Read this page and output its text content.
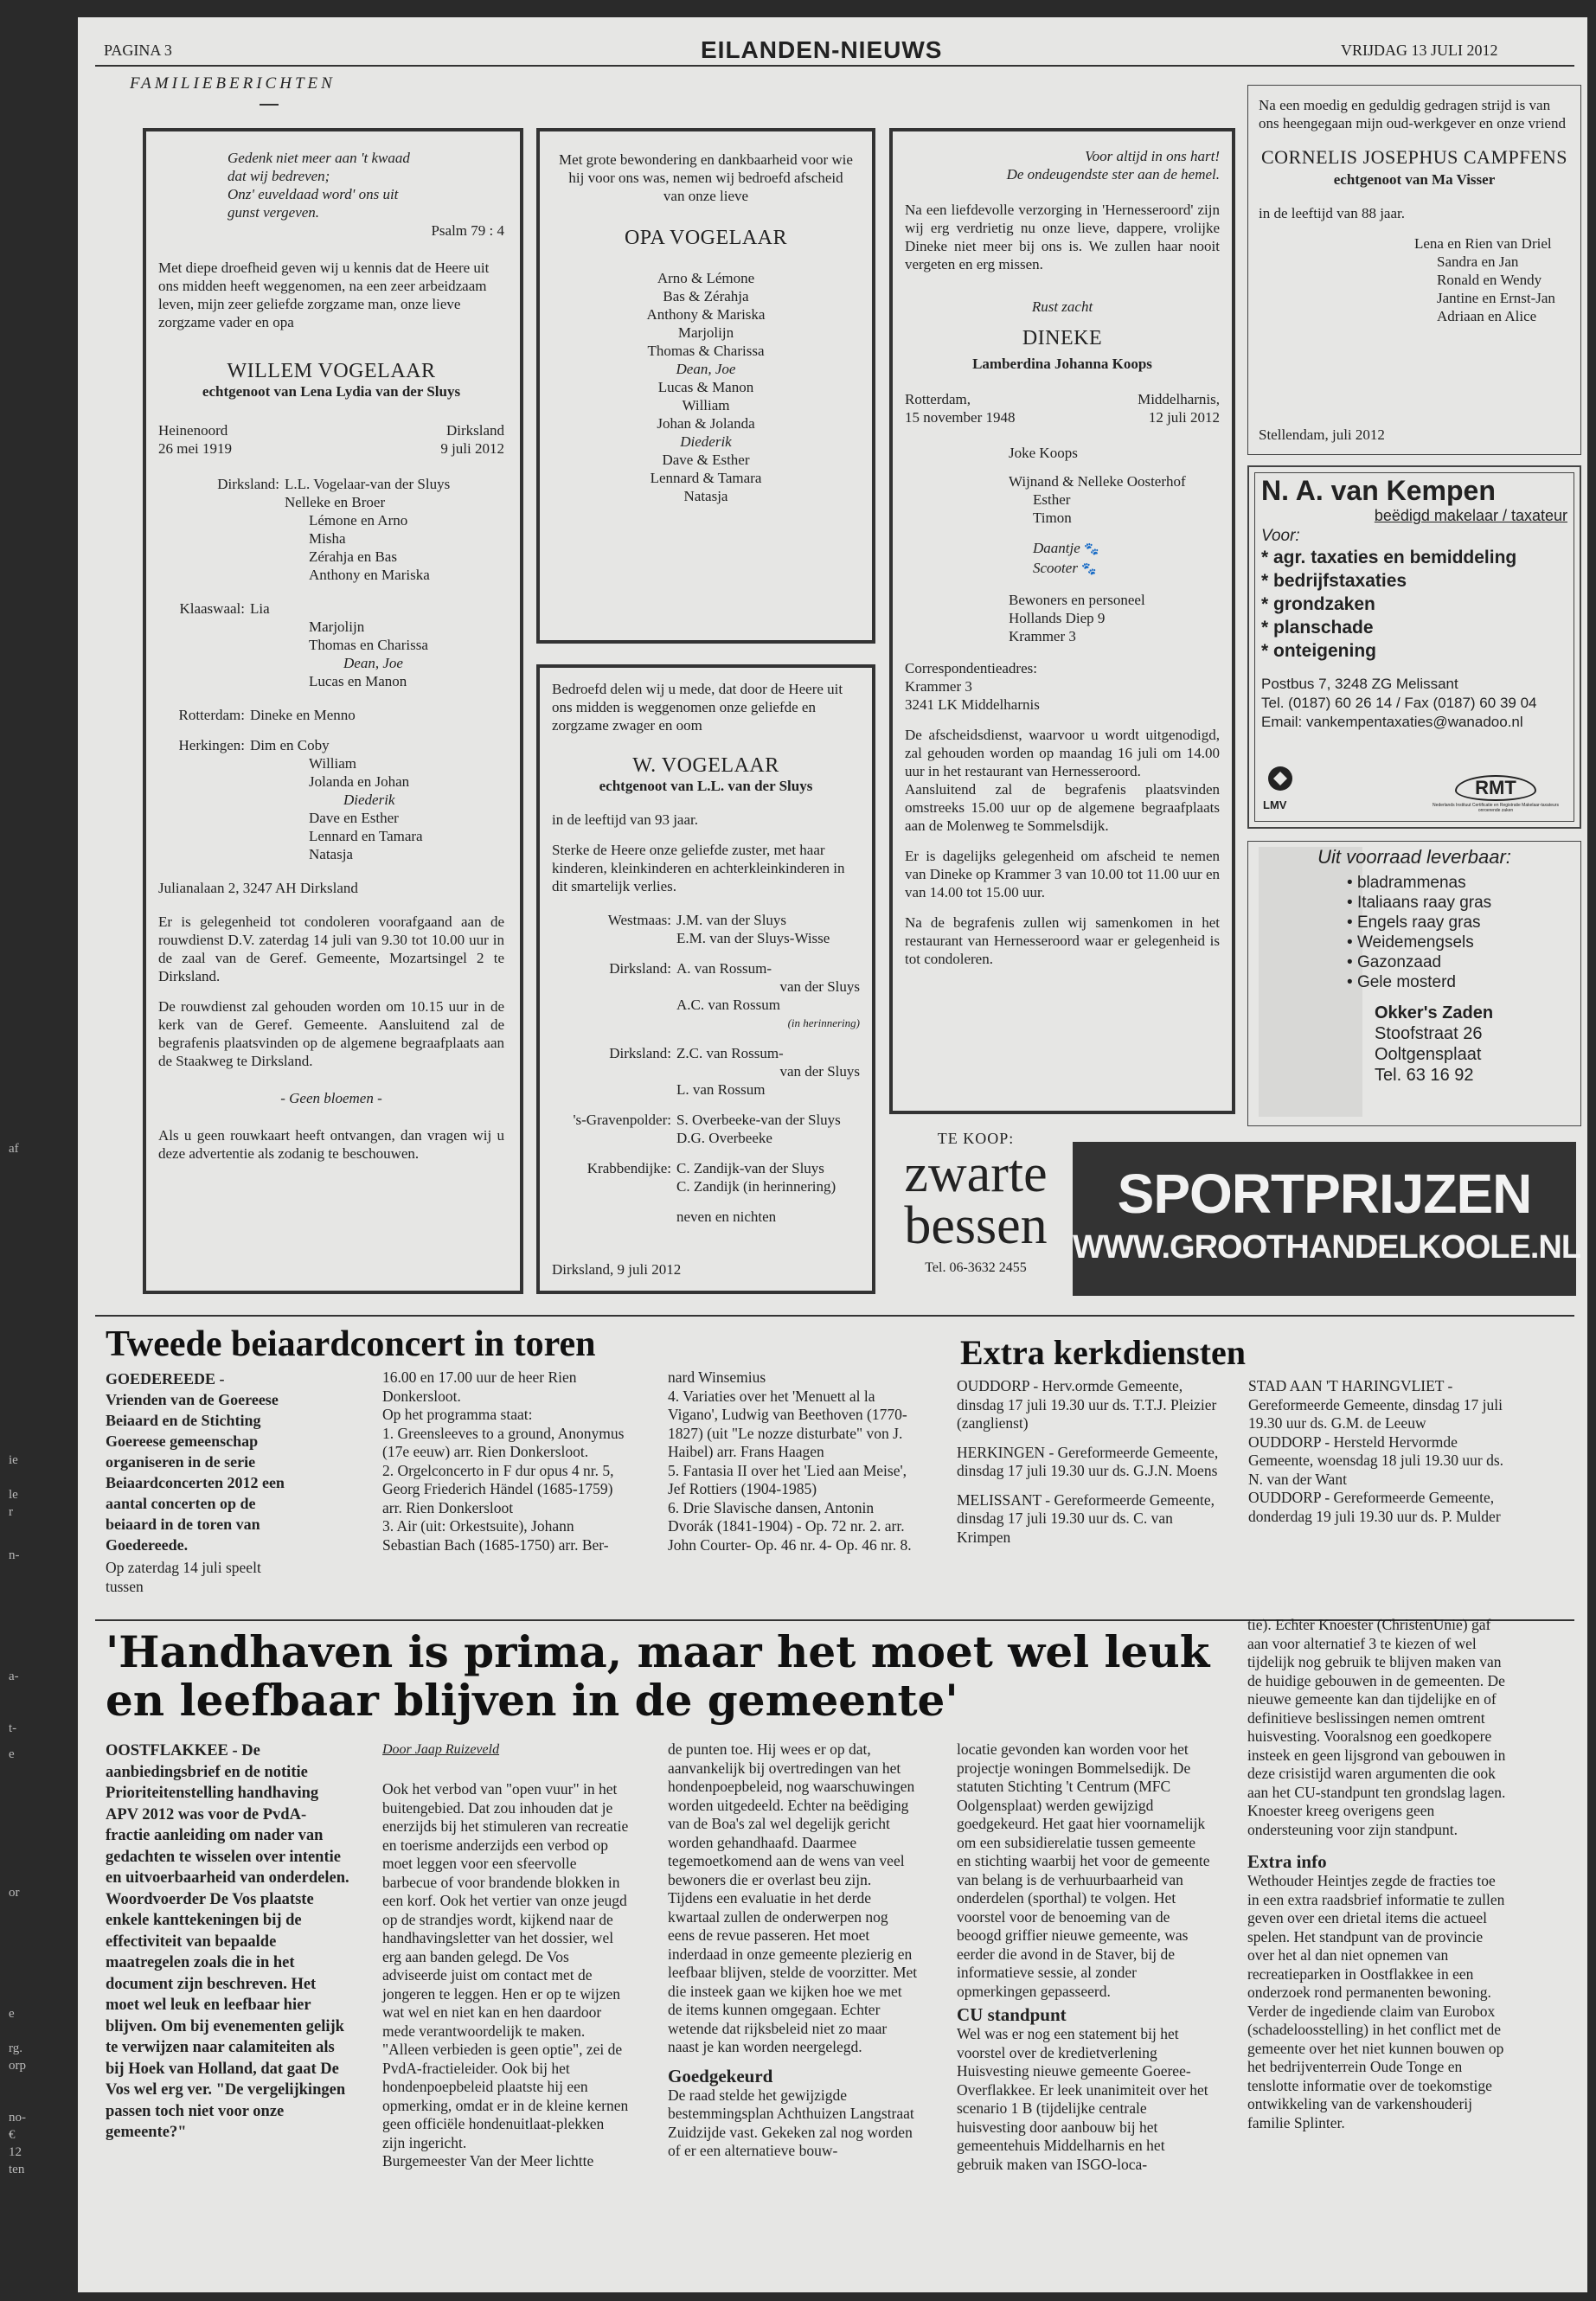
PAGINA 3	EILANDEN-NIEUWS	VRIJDAG 13 JULI 2012
FAMILIEBERICHTEN
Gedenk niet meer aan 't kwaad
dat wij bedreven;
Onz' euveldaad word' ons uit
gunst vergeven.
Psalm 79 : 4
Met diepe droefheid geven wij u kennis dat de Heere uit ons midden heeft weggenomen, na een zeer arbeidzaam leven, mijn zeer geliefde zorgzame man, onze lieve zorgzame vader en opa
WILLEM VOGELAAR
echtgenoot van Lena Lydia van der Sluys
Heinenoord	Dirksland
26 mei 1919	9 juli 2012
Dirksland: L.L. Vogelaar-van der Sluys
Nelleke en Broer
Lémone en Arno
Misha
Zérahja en Bas
Anthony en Mariska
Klaaswaal: Lia
Marjolijn
Thomas en Charissa
Dean, Joe
Lucas en Manon
Rotterdam: Dineke en Menno
Herkingen: Dim en Coby
William
Jolanda en Johan
Diederik
Dave en Esther
Lennard en Tamara
Natasja
Julianalaan 2, 3247 AH Dirksland
Er is gelegenheid tot condoleren voorafgaand aan de rouwdienst D.V. zaterdag 14 juli van 9.30 tot 10.00 uur in de zaal van de Geref. Gemeente, Mozartsingel 2 te Dirksland.
De rouwdienst zal gehouden worden om 10.15 uur in de kerk van de Geref. Gemeente. Aansluitend zal de begrafenis plaatsvinden op de algemene begraafplaats aan de Staakweg te Dirksland.
- Geen bloemen -
Als u geen rouwkaart heeft ontvangen, dan vragen wij u deze advertentie als zodanig te beschouwen.
Met grote bewondering en dankbaarheid voor wie hij voor ons was, nemen wij bedroefd afscheid van onze lieve
OPA VOGELAAR
Arno & Lémone
Bas & Zérahja
Anthony & Mariska
Marjolijn
Thomas & Charissa
Dean, Joe
Lucas & Manon
William
Johan & Jolanda
Diederik
Dave & Esther
Lennard & Tamara
Natasja
Bedroefd delen wij u mede, dat door de Heere uit ons midden is weggenomen onze geliefde en zorgzame zwager en oom
W. VOGELAAR
echtgenoot van L.L. van der Sluys
in de leeftijd van 93 jaar.
Sterke de Heere onze geliefde zuster, met haar kinderen, kleinkinderen en achterkleinkinderen in dit smartelijk verlies.
Westmaas: J.M. van der Sluys
E.M. van der Sluys-Wisse
Dirksland: A. van Rossum-
van der Sluys
A.C. van Rossum
(in herinnering)
Dirksland: Z.C. van Rossum-
van der Sluys
L. van Rossum
's-Gravenpolder: S. Overbeeke-van der Sluys
D.G. Overbeeke
Krabbendijke: C. Zandijk-van der Sluys
C. Zandijk (in herinnering)
neven en nichten
Dirksland, 9 juli 2012
Voor altijd in ons hart!
De ondeugendste ster aan de hemel.
Na een liefdevolle verzorging in 'Hernesseroord' zijn wij erg verdrietig nu onze lieve, dappere, vrolijke Dineke niet meer bij ons is. We zullen haar nooit vergeten en erg missen.
Rust zacht
DINEKE
Lamberdina Johanna Koops
Rotterdam,	Middelharnis,
15 november 1948	12 juli 2012
Joke Koops
Wijnand & Nelleke Oosterhof
Esther
Timon
Daantje 🐾
Scooter 🐾
Bewoners en personeel
Hollands Diep 9
Krammer 3
Correspondentieadres:
Krammer 3
3241 LK Middelharnis
De afscheidsdienst, waarvoor u wordt uitgenodigd, zal gehouden worden op maandag 16 juli om 14.00 uur in het restaurant van Hernesseroord.
Aansluitend zal de begrafenis plaatsvinden omstreeks 15.00 uur op de algemene begraafplaats aan de Molenweg te Sommelsdijk.
Er is dagelijks gelegenheid om afscheid te nemen van Dineke op Krammer 3 van 10.00 tot 11.00 uur en van 14.00 tot 15.00 uur.
Na de begrafenis zullen wij samenkomen in het restaurant van Hernesseroord waar er gelegenheid is tot condoleren.
Na een moedig en geduldig gedragen strijd is van ons heengegaan mijn oud-werkgever en onze vriend
CORNELIS JOSEPHUS CAMPFENS
echtgenoot van Ma Visser
in de leeftijd van 88 jaar.
Lena en Rien van Driel
Sandra en Jan
Ronald en Wendy
Jantine en Ernst-Jan
Adriaan en Alice
Stellendam, juli 2012
N. A. van Kempen
beëdigd makelaar / taxateur
Voor:
* agr. taxaties en bemiddeling
* bedrijfstaxaties
* grondzaken
* planschade
* onteigening
Postbus 7, 3248 ZG Melissant
Tel. (0187) 60 26 14 / Fax (0187) 60 39 04
Email: vankempentaxaties@wanadoo.nl
LMV
RMT
Nederlands Instituut Certificatie en Registratie Makelaar-taxateurs onroerende zaken
Uit voorraad leverbaar:
• bladrammenas
• Italiaans raay gras
• Engels raay gras
• Weidemengsels
• Gazonzaad
• Gele mosterd
Okker's Zaden
Stoofstraat 26
Ooltgensplaat
Tel. 63 16 92
TE KOOP:
zwarte
bessen
Tel. 06-3632 2455
SPORTPRIJZEN
WWW.GROOTHANDELKOOLE.NL
Tweede beiaardconcert in toren
GOEDEREEDE - Vrienden van de Goereese Beiaard en de Stichting Goereese gemeenschap organiseren in de serie Beiaardconcerten 2012 een aantal concerten op de beiaard in de toren van Goedereede.
Op zaterdag 14 juli speelt tussen
16.00 en 17.00 uur de heer Rien Donkersloot.
Op het programma staat:
1. Greensleeves to a ground, Anonymus (17e eeuw) arr. Rien Donkersloot.
2. Orgelconcerto in F dur opus 4 nr. 5, Georg Friederich Händel (1685-1759) arr. Rien Donkersloot
3. Air (uit: Orkestsuite), Johann Sebastian Bach (1685-1750) arr. Ber-
nard Winsemius
4. Variaties over het 'Menuett al la Vigano', Ludwig van Beethoven (1770-1827) (uit "Le nozze disturbate" von J. Haibel) arr. Frans Haagen
5. Fantasia II over het 'Lied aan Meise', Jef Rottiers (1904-1985)
6. Drie Slavische dansen, Antonin Dvorák (1841-1904) - Op. 72 nr. 2. arr. John Courter- Op. 46 nr. 4- Op. 46 nr. 8.
Extra kerkdiensten
OUDDORP - Herv.ormde Gemeente, dinsdag 17 juli 19.30 uur ds. T.T.J. Pleizier (zanglienst)
HERKINGEN - Gereformeerde Gemeente, dinsdag 17 juli 19.30 uur ds. G.J.N. Moens
MELISSANT - Gereformeerde Gemeente, dinsdag 17 juli 19.30 uur ds. C. van Krimpen
STAD AAN 'T HARINGVLIET - Gereformeerde Gemeente, dinsdag 17 juli 19.30 uur ds. G.M. de Leeuw
OUDDORP - Hersteld Hervormde Gemeente, woensdag 18 juli 19.30 uur ds. N. van der Want
OUDDORP - Gereformeerde Gemeente, donderdag 19 juli 19.30 uur ds. P. Mulder
'Handhaven is prima, maar het moet wel leuk
en leefbaar blijven in de gemeente'
OOSTFLAKKEE - De aanbiedingsbrief en de notitie Prioriteitenstelling handhaving APV 2012 was voor de PvdA-fractie aanleiding om nader van gedachten te wisselen over intentie en uitvoerbaarheid van onderdelen. Woordvoerder De Vos plaatste enkele kanttekeningen bij de effectiviteit van bepaalde maatregelen zoals die in het document zijn beschreven. Het moet wel leuk en leefbaar hier blijven. Om bij evenementen gelijk te verwijzen naar calamiteiten als bij Hoek van Holland, dat gaat De Vos wel erg ver. "De vergelijkingen passen toch niet voor onze gemeente?"
Door Jaap Ruizeveld
Ook het verbod van "open vuur" in het buitengebied. Dat zou inhouden dat je enerzijds bij het stimuleren van recreatie en toerisme anderzijds een verbod op moet leggen voor een sfeervolle barbecue of voor brandende blokken in een korf. Ook het vertier van onze jeugd op de strandjes wordt, kijkend naar de handhavingsletter van het dossier, wel erg aan banden gelegd. De Vos adviseerde juist om contact met de jongeren te leggen. Hen er op te wijzen wat wel en niet kan en hen daardoor mede verantwoordelijk te maken. "Alleen verbieden is geen optie", zei de PvdA-fractieleider. Ook bij het hondenpoepbeleid plaatste hij een opmerking, omdat er in de kleine kernen geen officiële hondenuitlaat-plekken zijn ingericht.
Burgemeester Van der Meer lichtte
de punten toe. Hij wees er op dat, aanvankelijk bij overtredingen van het hondenpoepbeleid, nog waarschuwingen worden uitgedeeld. Echter na beëdiging van de Boa's zal wel degelijk gericht worden gehandhaafd. Daarmee tegemoetkomend aan de wens van veel bewoners die er overlast beu zijn. Tijdens een evaluatie in het derde kwartaal zullen de onderwerpen nog eens de revue passeren. Het moet inderdaad in onze gemeente plezierig en leefbaar blijven, stelde de voorzitter. Met die insteek gaan we kijken hoe we met de items kunnen omgegaan. Echter wetende dat rijksbeleid niet zo maar naast je kan worden neergelegd.
Goedgekeurd
De raad stelde het gewijzigde bestemmingsplan Achthuizen Langstraat Zuidzijde vast. Gekeken zal nog worden of er een alternatieve bouw-
locatie gevonden kan worden voor het projectje woningen Bommelsedijk. De statuten Stichting 't Centrum (MFC Oolgensplaat) werden gewijzigd goedgekeurd. Het gaat hier voornamelijk om een subsidierelatie tussen gemeente en stichting waarbij het voor de gemeente van belang is de verhuurbaarheid van onderdelen (sporthal) te volgen. Het voorstel voor de benoeming van de beoogd griffier nieuwe gemeente, was eerder die avond in de Staver, bij de informatieve sessie, al zonder opmerkingen gepasseerd.
CU standpunt
Wel was er nog een statement bij het voorstel over de kredietverlening Huisvesting nieuwe gemeente Goeree-Overflakkee. Er leek unanimiteit over het scenario 1 B (tijdelijke centrale huisvesting door aanbouw bij het gemeentehuis Middelharnis en het gebruik maken van ISGO-loca-
tie). Echter Knoester (ChristenUnie) gaf aan voor alternatief 3 te kiezen of wel tijdelijk nog gebruik te blijven maken van de huidige gebouwen in de gemeenten. De nieuwe gemeente kan dan tijdelijke en of definitieve beslissingen nemen omtrent huisvesting. Vooralsnog een goedkopere insteek en geen lijsgrond van gebouwen in deze crisistijd waren argumenten die ook aan het CU-standpunt ten grondslag lagen. Knoester kreeg overigens geen ondersteuning voor zijn standpunt.
Extra info
Wethouder Heintjes zegde de fracties toe in een extra raadsbrief informatie te zullen geven over een drietal items die actueel spelen. Het standpunt van de provincie over het al dan niet opnemen van recreatieparken in Oostflakkee in een onderzoek rond permanenten bewoning. Verder de ingediende claim van Eurobox (schadeloosstelling) in het conflict met de gemeente over het niet kunnen bouwen op het bedrijventerrein Oude Tonge en tenslotte informatie over de toekomstige ontwikkeling van de varkenshouderij familie Splinter.
af
ie
le
r
n-
a-
t-
e
or
e
rg.
orp
no-
€
12
ten
